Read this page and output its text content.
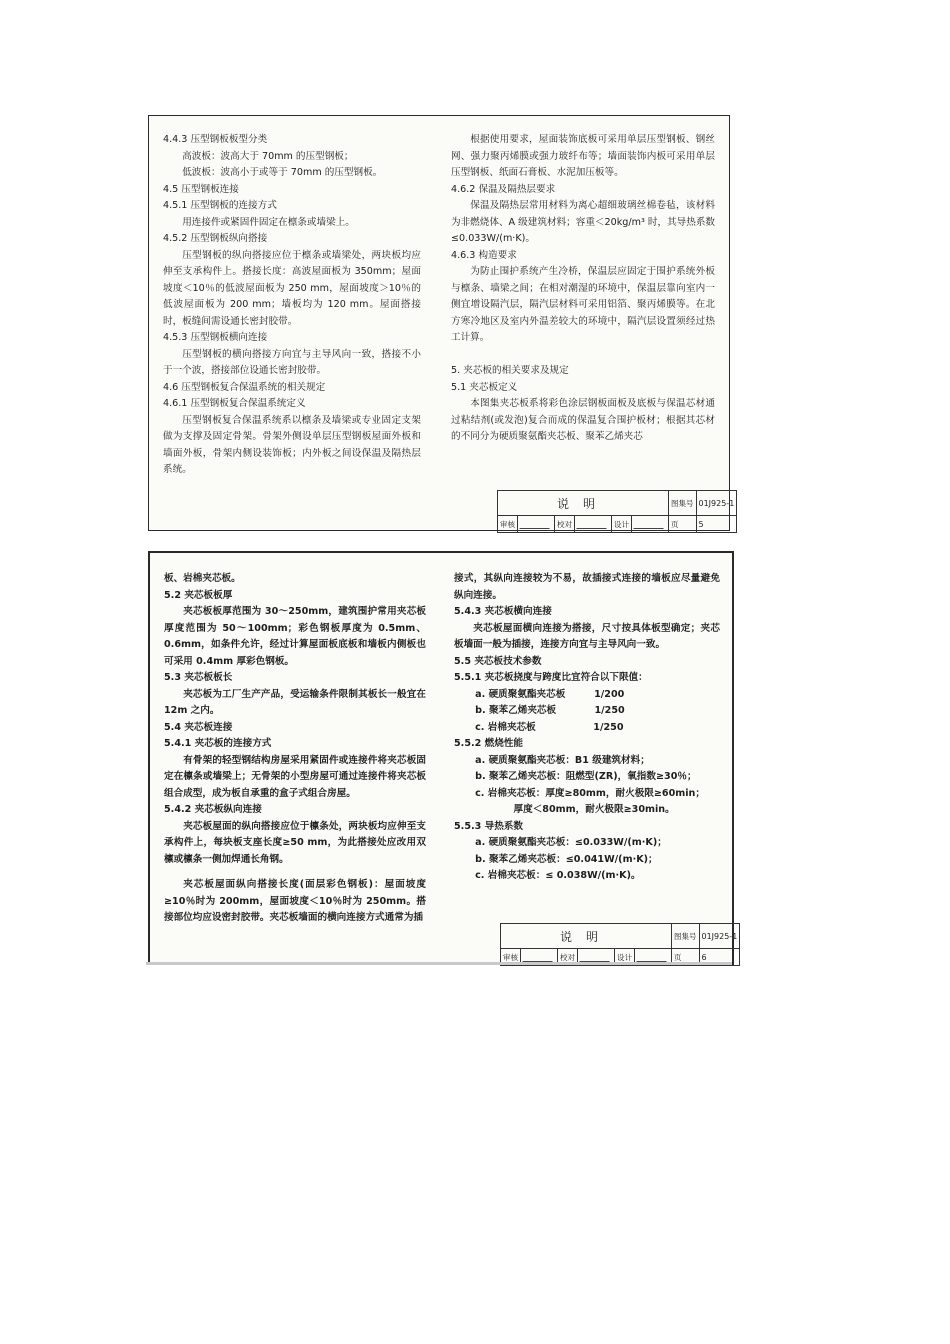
4.4.3 压型钢板板型分类

高波板：波高大于 70mm 的压型钢板；

低波板：波高小于或等于 70mm 的压型钢板。

4.5 压型钢板连接

4.5.1 压型钢板的连接方式

用连接件或紧固件固定在檩条或墙梁上。

4.5.2 压型钢板纵向搭接

压型钢板的纵向搭接应位于檩条或墙梁处，两块板均应伸至支承构件上。搭接长度：高波屋面板为 350mm；屋面坡度＜10％的低波屋面板为 250 mm，屋面坡度＞10％的低波屋面板为 200 mm；墙板均为 120 mm。屋面搭接时，板缝间需设通长密封胶带。

4.5.3 压型钢板横向连接

压型钢板的横向搭接方向宜与主导风向一致，搭接不小于一个波，搭接部位设通长密封胶带。

4.6 压型钢板复合保温系统的相关规定

4.6.1 压型钢板复合保温系统定义

压型钢板复合保温系统系以檩条及墙梁或专业固定支架做为支撑及固定骨架。骨架外侧设单层压型钢板屋面外板和墙面外板，骨架内侧设装饰板；内外板之间设保温及隔热层系统。

根据使用要求，屋面装饰底板可采用单层压型钢板、钢丝网、强力聚丙烯膜或强力玻纤布等；墙面装饰内板可采用单层压型钢板、纸面石膏板、水泥加压板等。

4.6.2 保温及隔热层要求

保温及隔热层常用材料为离心超细玻璃丝棉卷毡，该材料为非燃烧体、A 级建筑材料；容重＜20kg/m³ 时，其导热系数≤0.033W/(m·K)。

4.6.3 构造要求

为防止围护系统产生冷桥，保温层应固定于围护系统外板与檩条、墙梁之间；在相对潮湿的环境中，保温层靠向室内一侧宜增设隔汽层，隔汽层材料可采用铝箔、聚丙烯膜等。在北方寒冷地区及室内外温差较大的环境中，隔汽层设置须经过热工计算。

5. 夹芯板的相关要求及规定

5.1 夹芯板定义

本图集夹芯板系将彩色涂层钢板面板及底板与保温芯材通过粘结剂(或发泡)复合而成的保温复合围护板材；根据其芯材的不同分为硬质聚氨酯夹芯板、聚苯乙烯夹芯

说明						图集号	01J925-1
审核		校对		设计		页	5

板、岩棉夹芯板。

5.2 夹芯板板厚

夹芯板板厚范围为 30～250mm，建筑围护常用夹芯板厚度范围为 50～100mm；彩色钢板厚度为 0.5mm、0.6mm，如条件允许，经过计算屋面板底板和墙板内侧板也可采用 0.4mm 厚彩色钢板。

5.3 夹芯板板长

夹芯板为工厂生产产品，受运输条件限制其板长一般宜在 12m 之内。

5.4 夹芯板连接

5.4.1 夹芯板的连接方式

有骨架的轻型钢结构房屋采用紧固件或连接件将夹芯板固定在檩条或墙梁上；无骨架的小型房屋可通过连接件将夹芯板组合成型，成为板自承重的盒子式组合房屋。

5.4.2 夹芯板纵向连接

夹芯板屋面的纵向搭接应位于檩条处，两块板均应伸至支承构件上，每块板支座长度≥50 mm，为此搭接处应改用双檩或檩条一侧加焊通长角钢。

夹芯板屋面纵向搭接长度(面层彩色钢板)：屋面坡度≥10％时为 200mm，屋面坡度＜10％时为 250mm。搭接部位均应设密封胶带。夹芯板墙面的横向连接方式通常为插

接式，其纵向连接较为不易，故插接式连接的墙板应尽量避免纵向连接。

5.4.3 夹芯板横向连接

夹芯板屋面横向连接为搭接，尺寸按具体板型确定；夹芯板墙面一般为插接，连接方向宜与主导风向一致。

5.5 夹芯板技术参数

5.5.1 夹芯板挠度与跨度比宜符合以下限值：

a. 硬质聚氨酯夹芯板　　　1/200

b. 聚苯乙烯夹芯板　　　　1/250

c. 岩棉夹芯板　　　　　　1/250

5.5.2 燃烧性能

a. 硬质聚氨酯夹芯板：B1 级建筑材料；

b. 聚苯乙烯夹芯板：阻燃型(ZR)，氧指数≥30％；

c. 岩棉夹芯板：厚度≥80mm，耐火极限≥60min；

厚度＜80mm，耐火极限≥30min。

5.5.3 导热系数

a. 硬质聚氨酯夹芯板：≤0.033W/(m·K)；

b. 聚苯乙烯夹芯板：≤0.041W/(m·K)；

c. 岩棉夹芯板：≤ 0.038W/(m·K)。

说明						图集号	01J925-1
审核		校对		设计		页	6
